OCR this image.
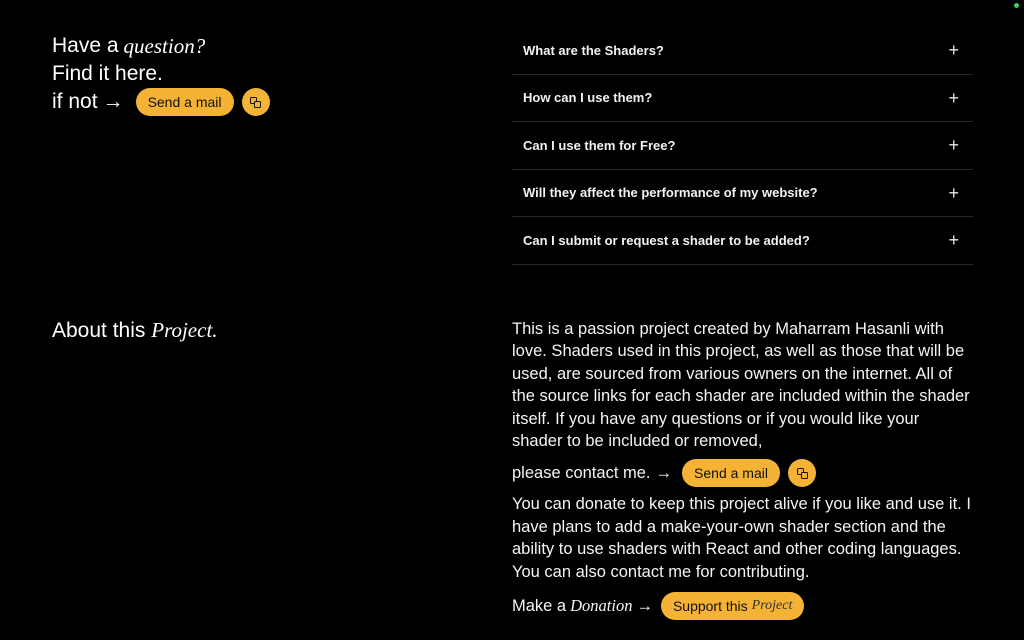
Have a question?
Find it here.
if not →	Send a mail
What are the Shaders?	+
How can I use them?	+
Can I use them for Free?	+
Will they affect the performance of my website?	+
Can I submit or request a shader to be added?	+
About this Project.	This is a passion project created by Maharram Hasanli with love. Shaders used in this project, as well as those that will be used, are sourced from various owners on the internet. All of the source links for each shader are included within the shader itself. If you have any questions or if you would like your shader to be included or removed,

please contact me. →	Send a mail

You can donate to keep this project alive if you like and use it. I have plans to add a make-your-own shader section and the ability to use shaders with React and other coding languages. You can also contact me for contributing.

Make a Donation → Support this Project
